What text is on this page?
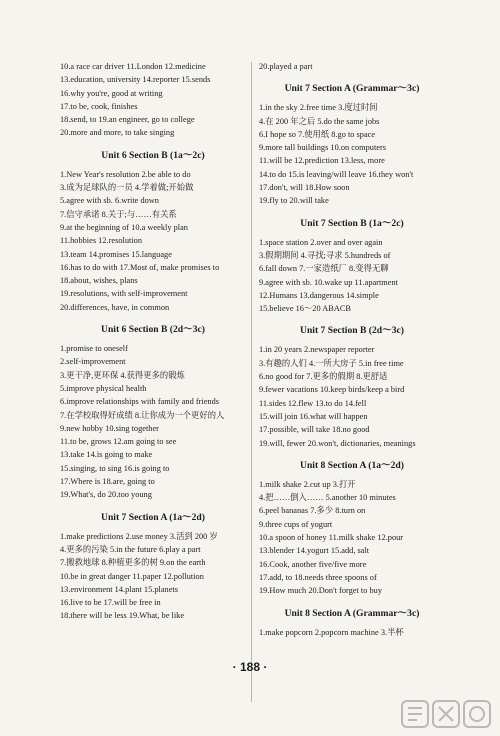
10.a race car driver 11.London 12.medicine
13.education, university 14.reporter 15.sends
16.why you're, good at writing
17.to be, cook, finishes
18.send, to 19.an engineer, go to college
20.more and more, to take singing
Unit 6 Section B (1a～2c)
1.New Year's resolution 2.be able to do
3.成为足球队的一员 4.学着做;开始做
5.agree with sb. 6.write down
7.信守承诺 8.关于;与……有关系
9.at the beginning of 10.a weekly plan
11.hobbies 12.resolution
13.team 14.promises 15.language
16.has to do with 17.Most of, make promises to
18.about, wishes, plans
19.resolutions, with self-improvement
20.differences, have, in common
Unit 6 Section B (2d～3c)
1.promise to oneself
2.self-improvement
3.更干净,更环保 4.获得更多的锻炼
5.improve physical health
6.improve relationships with family and friends
7.在学校取得好成绩 8.让你成为一个更好的人
9.new hobby 10.sing together
11.to be, grows 12.am going to see
13.take 14.is going to make
15.singing, to sing 16.is going to
17.Where is 18.are, going to
19.What's, do 20.too young
Unit 7 Section A (1a～2d)
1.make predictions 2.use money 3.活到 200 岁
4.更多的污染 5.in the future 6.play a part
7.搬救地球 8.种植更多的树 9.on the earth
10.be in great danger 11.paper 12.pollution
13.environment 14.plant 15.planets
16.live to be 17.will be free in
18.there will be less 19.What, be like
20.played a part
Unit 7 Section A (Grammar～3c)
1.in the sky 2.free time 3.度过时间
4.在 200 年之后 5.do the same jobs
6.I hope so 7.使用纸 8.go to space
9.more tall buildings 10.on computers
11.will be 12.prediction 13.less, more
14.to do 15.is leaving/will leave 16.they won't
17.don't, will 18.How soon
19.fly to 20.will take
Unit 7 Section B (1a～2c)
1.space station 2.over and over again
3.假期期间 4.寻找;寻求 5.hundreds of
6.fall down 7.一家造纸厂 8.变得无聊
9.agree with sb. 10.wake up 11.apartment
12.Humans 13.dangerous 14.simple
15.believe 16～20 ABACB
Unit 7 Section B (2d～3c)
1.in 20 years 2.newspaper reporter
3.有趣的人们 4.一所大房子 5.in free time
6.no good for 7.更多的假期 8.更舒适
9.fewer vacations 10.keep birds/keep a bird
11.sides 12.flew 13.to do 14.fell
15.will join 16.what will happen
17.possible, will take 18.no good
19.will, fewer 20.won't, dictionaries, meanings
Unit 8 Section A (1a～2d)
1.milk shake 2.cut up 3.打开
4.把……倒入…… 5.another 10 minutes
6.peel bananas 7.多少 8.turn on
9.three cups of yogurt
10.a spoon of honey 11.milk shake 12.pour
13.blender 14.yogurt 15.add, salt
16.Cook, another five/five more
17.add, to 18.needs three spoons of
19.How much 20.Don't forget to buy
Unit 8 Section A (Grammar～3c)
1.make popcorn 2.popcorn machine 3.半杯
· 188 ·
